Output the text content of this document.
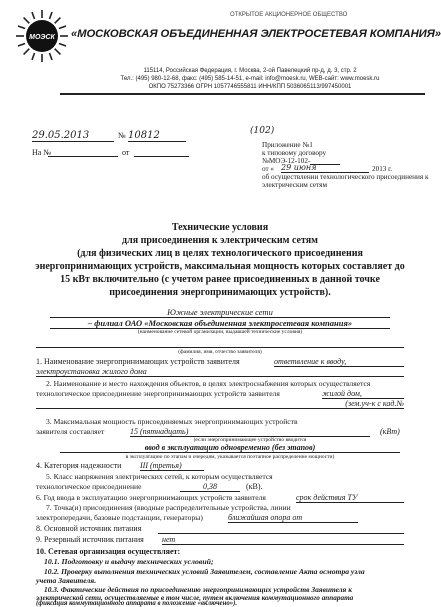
МОЭСК
ОТКРЫТОЕ АКЦИОНЕРНОЕ ОБЩЕСТВО
«МОСКОВСКАЯ ОБЪЕДИНЕННАЯ ЭЛЕКТРОСЕТЕВАЯ КОМПАНИЯ»
115114, Российская Федерация, г. Москва, 2-ой Павелецкий пр-д, д. 3, стр. 2
Тел.: (495) 980-12-68, факс: (495) 585-14-51, e-mail: info@moesk.ru, WEB-сайт: www.moesk.ru
ОКПО 75273366 ОГРН 1057746555811 ИНН/КПП 5036065113/997450001
29.05.2013	№ 10812
На №	от
(102)
Приложение №1
к типовому договору
№МОЭ-12-102-
от « 29 июня	2013 г.
об осуществлении технологического присоединения к
электрическим сетям
Технические условия
для присоединения к электрическим сетям
(для физических лиц в целях технологического присоединения
энергопринимающих устройств, максимальная мощность которых составляет до
15 кВт включительно (с учетом ранее присоединенных в данной точке
присоединения энергопринимающих устройств).
Южные электрические сети
– филиал ОАО «Московская объединенная электросетевая компания»
(наименование сетевой организации, выдавшей технические условия)
(фамилия, имя, отчество заявителя)
1. Наименование энергопринимающих устройств заявителя	ответвление к вводу,
электроустановка жилого дома
2. Наименование и место нахождения объектов, в целях электроснабжения которых осуществляется
технологическое присоединение энергопринимающих устройств заявителя	жилой дом,
(зем.уч-к с кад.№
3. Максимальная мощность присоединяемых энергопринимающих устройств
заявителя составляет	15 (пятнадцать)	(кВт)
(если энергопринимающее устройство вводится
ввод в эксплуатацию одновременно (без этапов)
в эксплуатацию по этапам и очередям, указывается поэтапное распределение мощности)
4. Категория надежности III (третья)
5. Класс напряжения электрических сетей, к которым осуществляется
технологическое присоединение	0,38	(кВ).
6. Год ввода в эксплуатацию энергопринимающих устройств заявителя	срок действия ТУ
7. Точка(и) присоединения (вводные распределительные устройства, линии
электропередачи, базовые подстанции, генераторы)	ближайшая опора от
8. Основной источник питания
9. Резервный источник питания нет
10. Сетевая организация осуществляет:
10.1. Подготовку и выдачу технических условий;
10.2. Проверку выполнения технических условий Заявителем, составление Акта осмотра узла
учета Заявителя.
10.3. Фактические действия по присоединению энергопринимающих устройств Заявителя к
электрической сети, осуществляемые в том числе, путем включения коммутационного аппарата
(фиксация коммутационного аппарата в положение «включено»).
